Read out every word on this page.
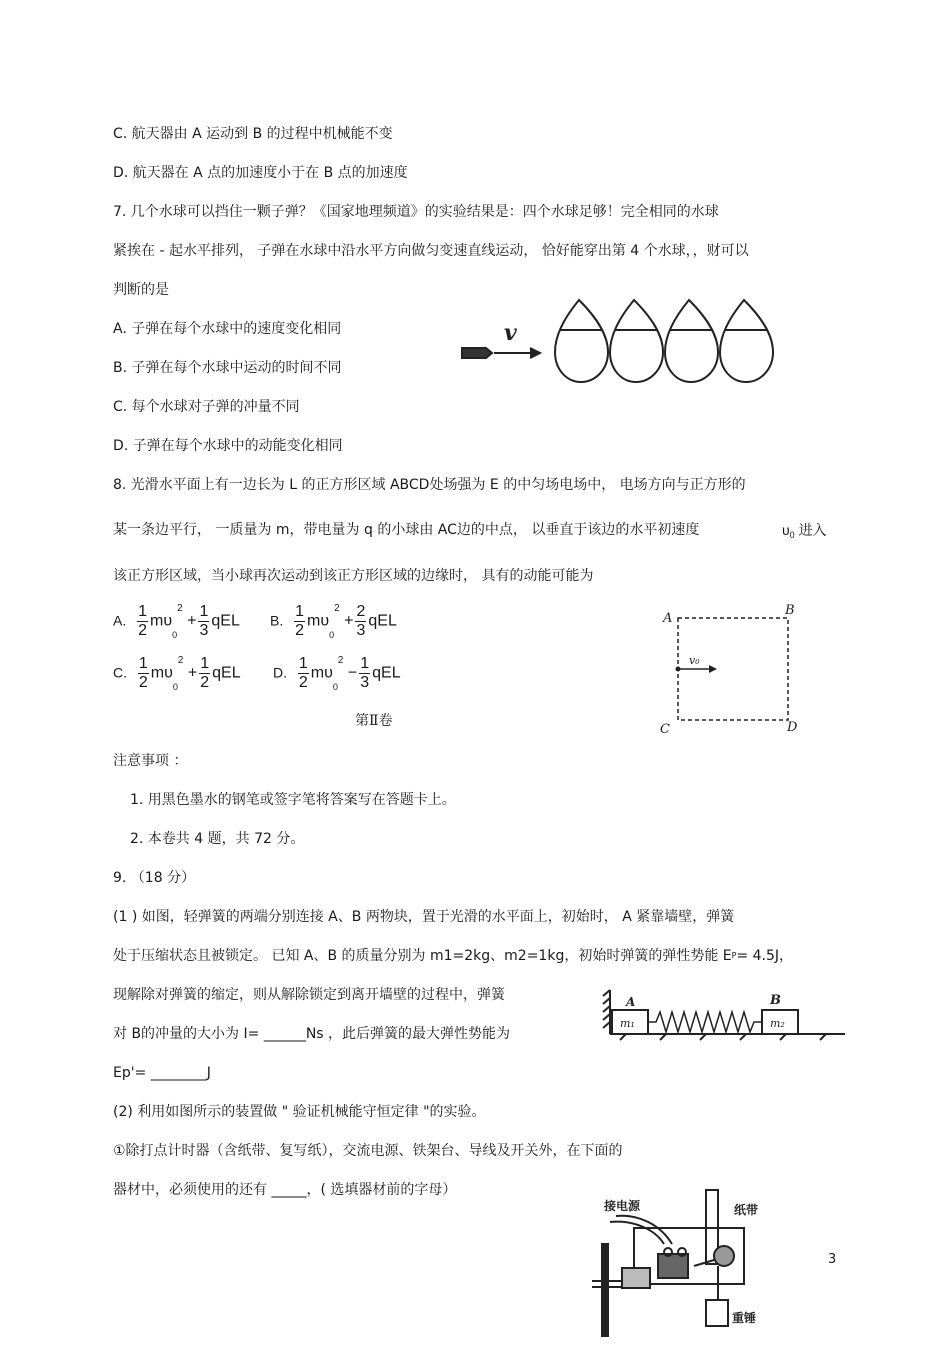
C. 航天器由 A 运动到 B 的过程中机械能不变
D. 航天器在 A 点的加速度小于在 B 点的加速度
7. 几个水球可以挡住一颗子弹？《国家地理频道》的实验结果是：四个水球足够！完全相同的水球
紧挨在 - 起水平排列， 子弹在水球中沿水平方向做匀变速直线运动， 恰好能穿出第 4 个水球，，财可以
判断的是
A. 子弹在每个水球中的速度变化相同
B. 子弹在每个水球中运动的时间不同
C. 每个水球对子弹的冲量不同
D. 子弹在每个水球中的动能变化相同
8. 光滑水平面上有一边长为 L 的正方形区域 ABCD处场强为 E 的中匀场电场中， 电场方向与正方形的
某一条边平行， 一质量为 m，带电量为 q 的小球由 AC边的中点， 以垂直于该边的水平初速度	υ0 进入
该正方形区域，当小球再次运动到该正方形区域的边缘时， 具有的动能可能为
A. $\frac{1}{2} m\upsilon 0^2 + \frac{1}{3}$ qEL B. $\frac{1}{2} m\upsilon 0^2 + \frac{2}{3}$ qEL
C. $\frac{1}{2} m\upsilon 0^2 + \frac{1}{2}$ qEL D. $\frac{1}{2} m\upsilon 0^2 - \frac{1}{3}$ qEL
第Ⅱ卷
注意事项 ：
1. 用黑色墨水的钢笔或签字笔将答案写在答题卡上。
2. 本卷共 4 题，共 72 分。
9. （18 分）
(1 ) 如图，轻弹簧的两端分别连接 A、B 两物块，置于光滑的水平面上，初始时， A 紧靠墙壁，弹簧
处于压缩状态且被锁定。 已知 A、B 的质量分别为 m1=2kg、m2=1kg，初始时弹簧的弹性势能 EP= 4.5J，
现解除对弹簧的缩定，则从解除锁定到离开墙壁的过程中，弹簧
对 B的冲量的大小为 I= ______Ns ，此后弹簧的最大弹性势能为
Ep'= ________J
(2) 利用如图所示的装置做 " 验证机械能守恒定律 "的实验。
①除打点计时器（含纸带、复写纸），交流电源、铁架台、导线及开关外，在下面的
器材中，必须使用的还有 _____，( 选填器材前的字母）
v
A
B
C	D
v₀
A	B
m₁	m₂
接电源	纸带
重锤
3
